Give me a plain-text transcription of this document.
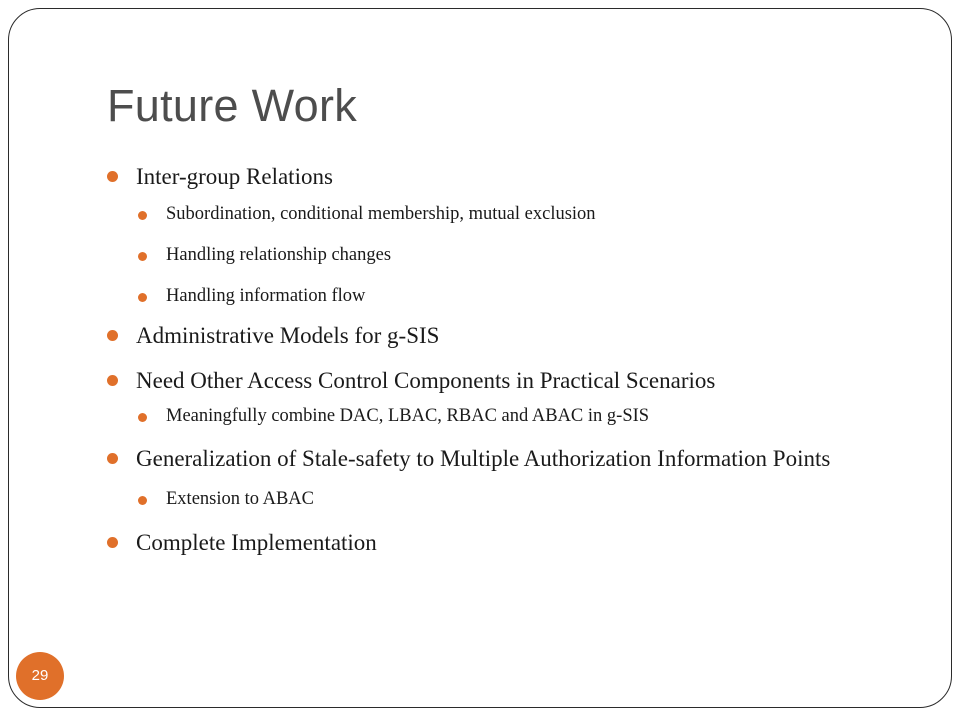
Future Work
Inter-group Relations
Subordination, conditional membership, mutual exclusion
Handling relationship changes
Handling information flow
Administrative Models for g-SIS
Need Other Access Control Components in Practical Scenarios
Meaningfully combine DAC, LBAC, RBAC and ABAC in g-SIS
Generalization of Stale-safety to Multiple Authorization Information Points
Extension to ABAC
Complete Implementation
29
